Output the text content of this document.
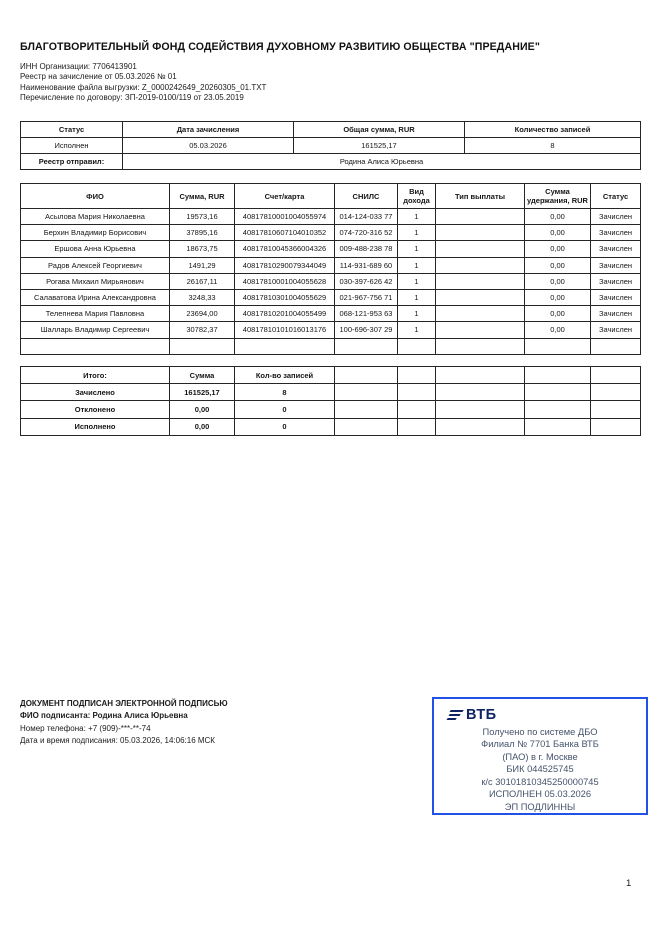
БЛАГОТВОРИТЕЛЬНЫЙ ФОНД СОДЕЙСТВИЯ ДУХОВНОМУ РАЗВИТИЮ ОБЩЕСТВА "ПРЕДАНИЕ"
ИНН Организации: 7706413901
Реестр на зачисление от 05.03.2026 № 01
Наименование файла выгрузки: Z_0000242649_20260305_01.TXT
Перечисление по договору: ЗП-2019-0100/119 от 23.05.2019
Статус	Дата зачисления	Общая сумма, RUR	Количество записей
Исполнен	05.03.2026	161525,17	8
Реестр отправил:	Родина Алиса Юрьевна		
ФИО	Сумма, RUR	Счет/карта	СНИЛС	Вид дохода	Тип выплаты	Сумма удержания, RUR	Статус
Асылова Мария Николаевна	19573,16	40817810001004055974	014-124-033 77	1		0,00	Зачислен
Берхин Владимир Борисович	37895,16	40817810607104010352	074-720-316 52	1		0,00	Зачислен
Ершова Анна Юрьевна	18673,75	40817810045366004326	009-488-238 78	1		0,00	Зачислен
Радов Алексей Георгиевич	1491,29	40817810290079344049	114-931-689 60	1		0,00	Зачислен
Рогава Михаил Мирьянович	26167,11	40817810001004055628	030-397-626 42	1		0,00	Зачислен
Салаватова Ирина Александровна	3248,33	40817810301004055629	021-967-756 71	1		0,00	Зачислен
Телепнева Мария Павловна	23694,00	40817810201004055499	068-121-953 63	1		0,00	Зачислен
Шалларь Владимир Сергеевич	30782,37	40817810101016013176	100-696-307 29	1		0,00	Зачислен

Итого:	Сумма	Кол-во записей					
Зачислено	161525,17	8					
Отклонено	0,00	0					
Исполнено	0,00	0					
ДОКУМЕНТ ПОДПИСАН ЭЛЕКТРОННОЙ ПОДПИСЬЮ
ФИО подписанта: Родина Алиса Юрьевна
Номер телефона: +7 (909)-***-**-74
Дата и время подписания: 05.03.2026, 14:06:16 МСК
ВТБ
Получено по системе ДБО
Филиал № 7701 Банка ВТБ
(ПАО) в г. Москве
БИК 044525745
к/с 30101810345250000745
ИСПОЛНЕН 05.03.2026
ЭП ПОДЛИННЫ
1
